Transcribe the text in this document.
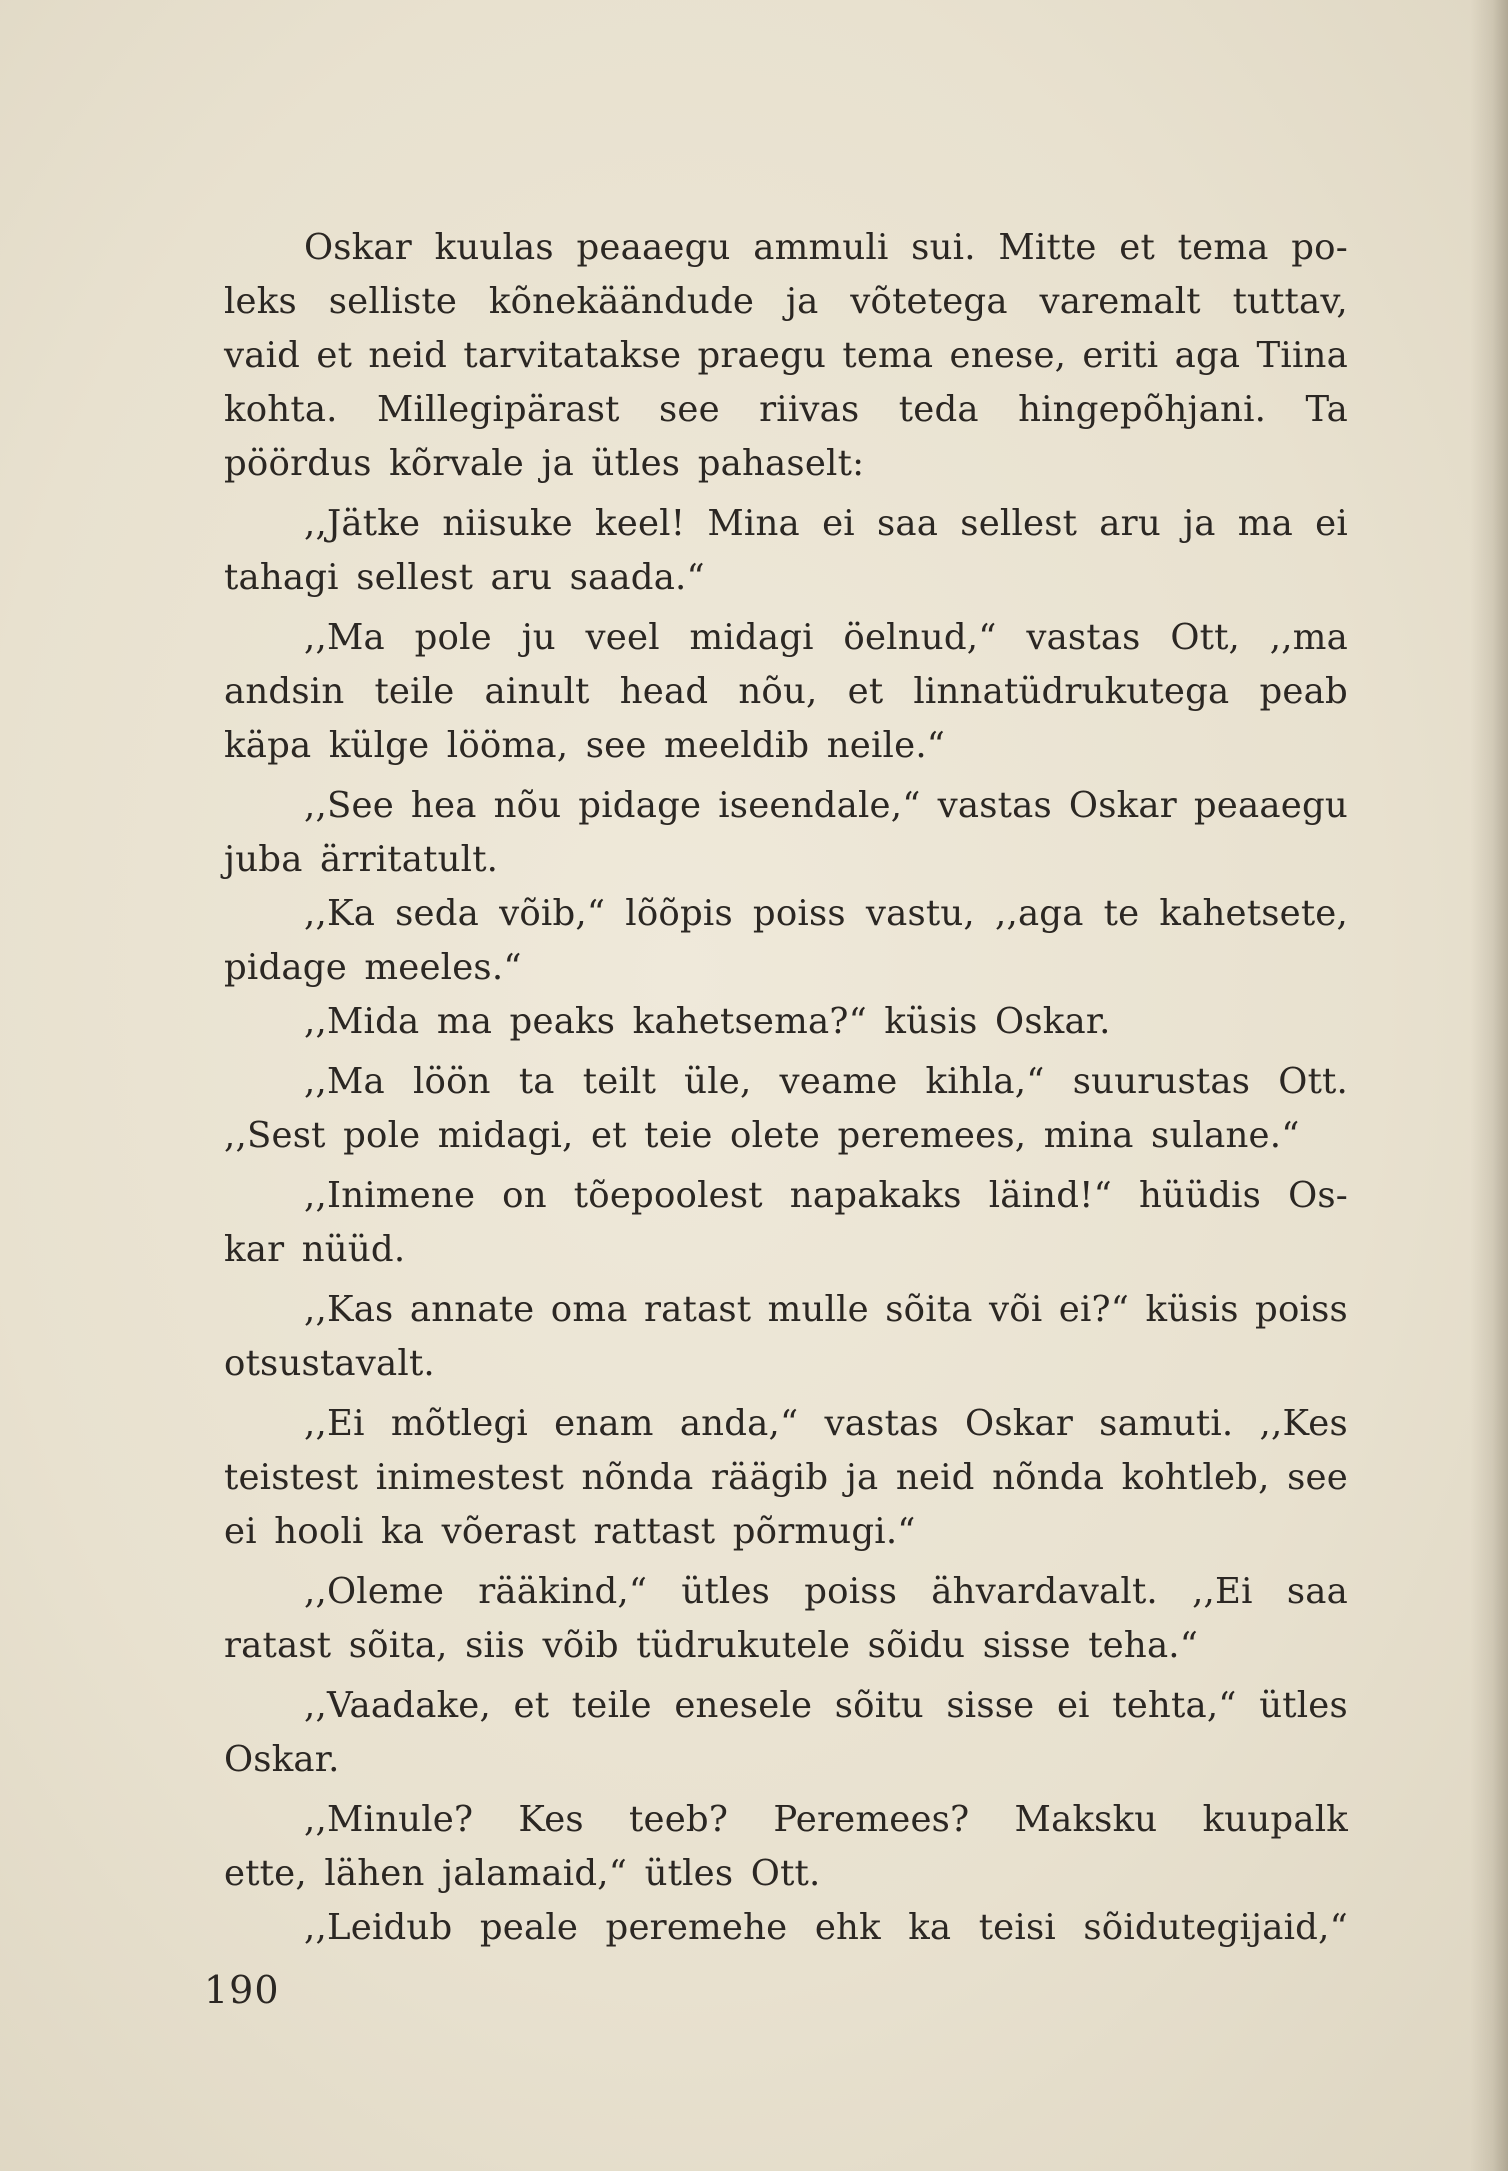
Oskar kuulas peaaegu ammuli sui. Mitte et tema po-
leks selliste kõnekäändude ja võtetega varemalt tuttav,
vaid et neid tarvitatakse praegu tema enese, eriti aga Tiina
kohta. Millegipärast see riivas teda hingepõhjani. Ta
pöördus kõrvale ja ütles pahaselt:
,,Jätke niisuke keel! Mina ei saa sellest aru ja ma ei
tahagi sellest aru saada.“
,,Ma pole ju veel midagi öelnud,“ vastas Ott, ,,ma
andsin teile ainult head nõu, et linnatüdrukutega peab
käpa külge lööma, see meeldib neile.“
,,See hea nõu pidage iseendale,“ vastas Oskar peaaegu
juba ärritatult.
,,Ka seda võib,“ lõõpis poiss vastu, ,,aga te kahetsete,
pidage meeles.“
,,Mida ma peaks kahetsema?“ küsis Oskar.
,,Ma löön ta teilt üle, veame kihla,“ suurustas Ott.
,,Sest pole midagi, et teie olete peremees, mina sulane.“
,,Inimene on tõepoolest napakaks läind!“ hüüdis Os-
kar nüüd.
,,Kas annate oma ratast mulle sõita või ei?“ küsis poiss
otsustavalt.
,,Ei mõtlegi enam anda,“ vastas Oskar samuti. ,,Kes
teistest inimestest nõnda räägib ja neid nõnda kohtleb, see
ei hooli ka võerast rattast põrmugi.“
,,Oleme rääkind,“ ütles poiss ähvardavalt. ,,Ei saa
ratast sõita, siis võib tüdrukutele sõidu sisse teha.“
,,Vaadake, et teile enesele sõitu sisse ei tehta,“ ütles
Oskar.
,,Minule? Kes teeb? Peremees? Maksku kuupalk
ette, lähen jalamaid,“ ütles Ott.
,,Leidub peale peremehe ehk ka teisi sõidutegijaid,“
190
